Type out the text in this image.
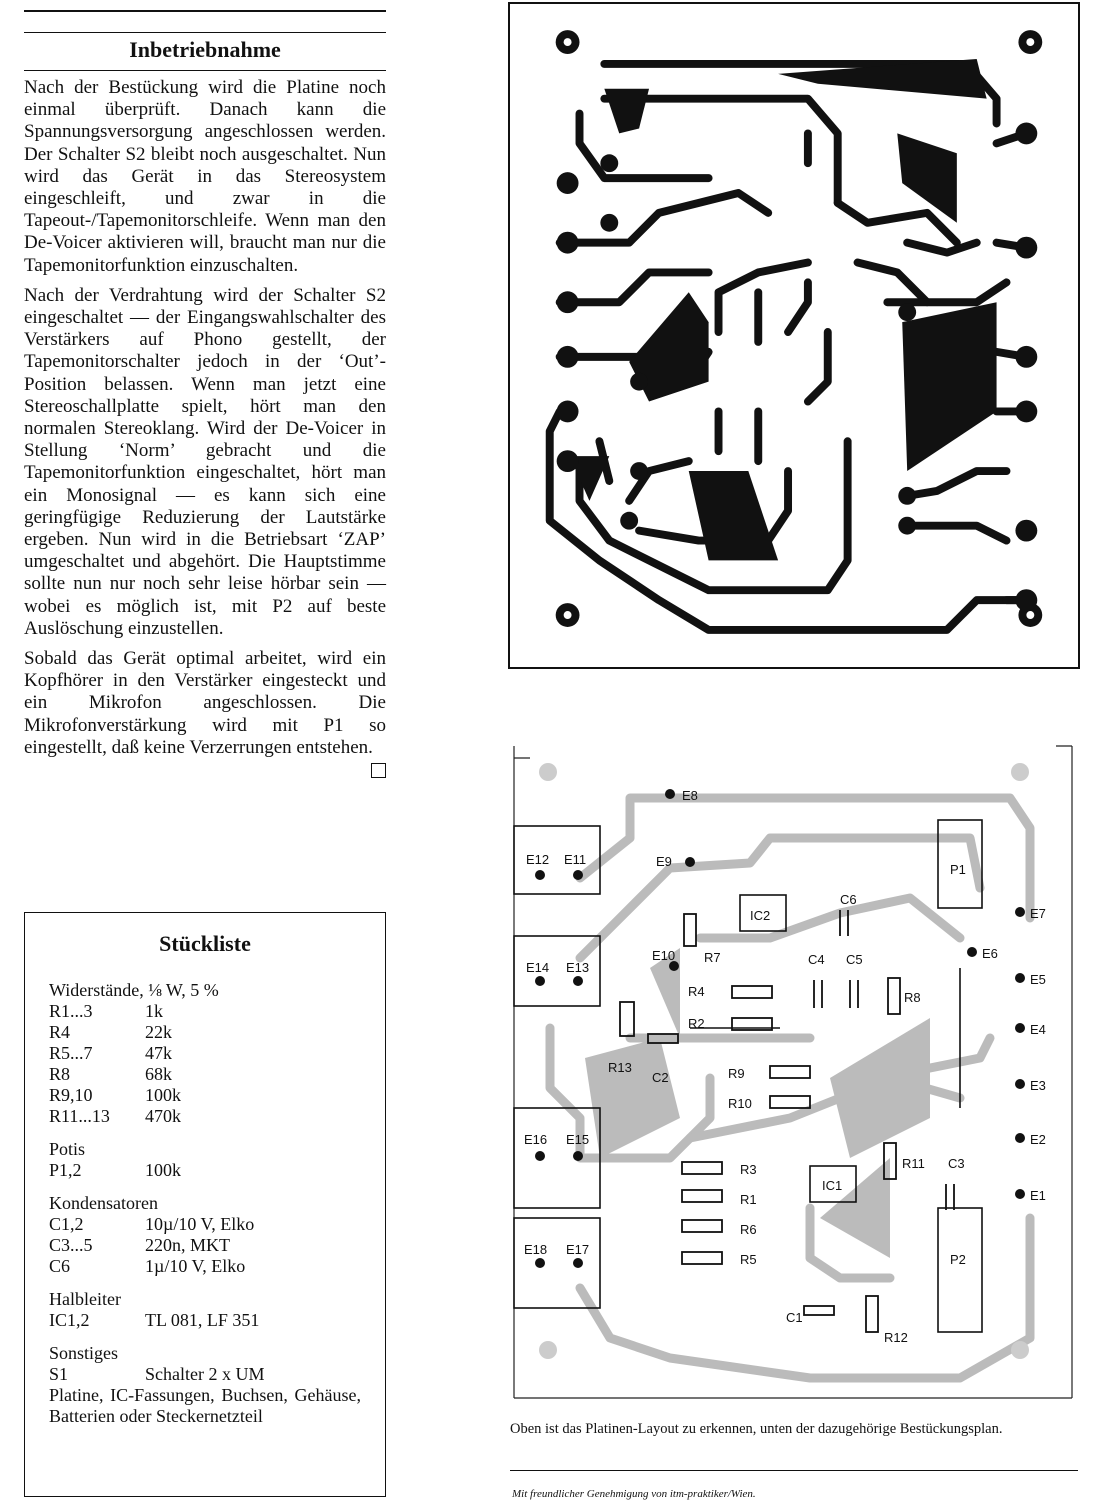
Inbetriebnahme

Nach der Bestückung wird die Platine noch einmal überprüft. Danach kann die Spannungsversorgung angeschlossen werden. Der Schalter S2 bleibt noch ausgeschaltet. Nun wird das Gerät in das Stereosystem eingeschleift, und zwar in die Tapeout-/Tapemonitorschleife. Wenn man den De-Voicer aktivieren will, braucht man nur die Tapemonitorfunktion einzuschalten.

Nach der Verdrahtung wird der Schalter S2 eingeschaltet — der Eingangswahlschalter des Verstärkers auf Phono gestellt, der Tapemonitorschalter jedoch in der ‘Out’-Position belassen. Wenn man jetzt eine Stereoschallplatte spielt, hört man den normalen Stereoklang. Wird der De-Voicer in Stellung ‘Norm’ gebracht und die Tapemonitorfunktion eingeschaltet, hört man ein Monosignal — es kann sich eine geringfügige Reduzierung der Lautstärke ergeben. Nun wird in die Betriebsart ‘ZAP’ umgeschaltet und abgehört. Die Hauptstimme sollte nun nur noch sehr leise hörbar sein — wobei es möglich ist, mit P2 auf beste Auslöschung einzustellen.

Sobald das Gerät optimal arbeitet, wird ein Kopfhörer in den Verstärker eingesteckt und ein Mikrofon angeschlossen. Die Mikrofonverstärkung wird mit P1 so eingestellt, daß keine Verzerrungen entstehen.

Stückliste
Widerstände, ⅛ W, 5 %
R1...3	1k
R4	22k
R5...7	47k
R8	68k
R9,10	100k
R11...13	470k
Potis
P1,2	100k
Kondensatoren
C1,2	10µ/10 V, Elko
C3...5	220n, MKT
C6	1µ/10 V, Elko
Halbleiter
IC1,2	TL 081, LF 351
Sonstiges
S1	Schalter 2 x UM
Platine, IC-Fassungen, Buchsen, Gehäuse, Batterien oder Steckernetzteil
E8
E9
E12 E11
E14 E13
E10
E16 E15
E18 E17
E7
E6
E5
E4
E3
E2
E1
P1
P2
IC1
IC2
C1
C2
C3
C4 C5
C6
R5
R6
R7
R8
R9
R10
R11
R12
R13
R1
R2
R3
R4
Oben ist das Platinen-Layout zu erkennen, unten der dazugehörige Bestückungsplan.
Mit freundlicher Genehmigung von itm-praktiker/Wien.
